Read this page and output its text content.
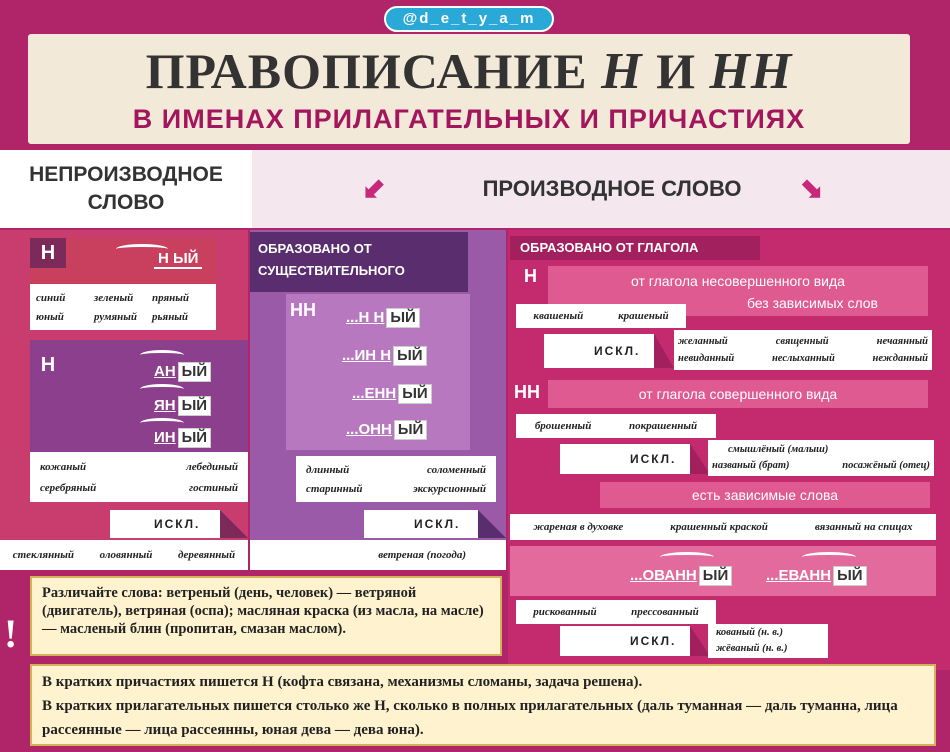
@d_e_t_y_a_m
ПРАВОПИСАНИЕ Н И НН
В ИМЕНАХ ПРИЛАГАТЕЛЬНЫХ И ПРИЧАСТИЯХ
НЕПРОИЗВОДНОЕ СЛОВО	⬋	ПРОИЗВОДНОЕ СЛОВО	⬊
Н	Н ЫЙ
синий	зеленый	пряный
юный	румяный	рьяный
Н	АН ЫЙ
ЯН ЫЙ
ИН ЫЙ
кожаный	лебединый
серебряный	гостиный
ИСКЛ.
стеклянный оловянный деревянный
ОБРАЗОВАНО ОТ СУЩЕСТВИТЕЛЬНОГО
НН ...Н Н ЫЙ
...ИН Н ЫЙ
...ЕНН ЫЙ
...ОНН ЫЙ
длинный	соломенный
старинный	экскурсионный
ИСКЛ.
ветреная (погода)
ОБРАЗОВАНО ОТ ГЛАГОЛА
Н	от глагола несовершенного вида
без зависимых слов
квашеный	крашеный
ИСКЛ.
желанный	священный	нечаянный
невиданный	неслыханный	нежданный
НН	от глагола совершенного вида
брошенный	покрашенный
ИСКЛ.
смышлёный (малыш)
названый (брат)	посажёный (отец)
есть зависимые слова
жареная в духовке	крашенный краской	вязанный на спицах
...ОВАНН ЫЙ	...ЕВАНН ЫЙ
рискованный	прессованный
ИСКЛ.
кованый (н. в.)
жёваный (н. в.)
Различайте слова: ветреный (день, человек) — ветряной (двигатель), ветряная (оспа); масляная краска (из масла, на масле) — масленый блин (пропитан, смазан маслом).
!
В кратких причастиях пишется Н (кофта связана, механизмы сломаны, задача решена).
В кратких прилагательных пишется столько же Н, сколько в полных прилагательных (даль туманная — даль туманна, лица рассеянные — лица рассеянны, юная дева — дева юна).
